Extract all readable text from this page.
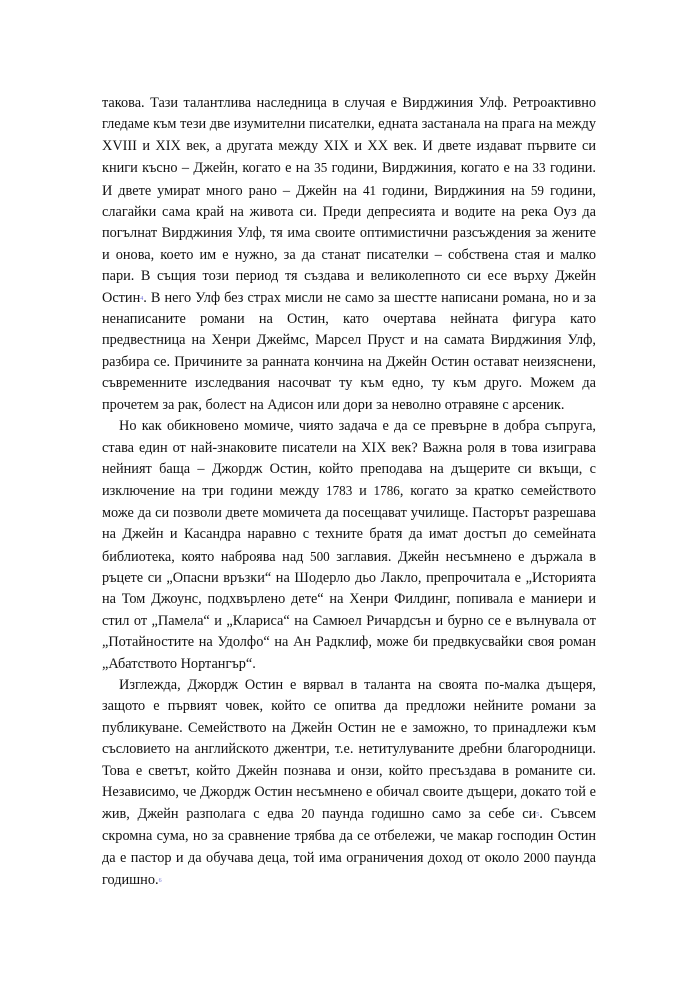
такова. Тази талантлива наследница в случая е Вирджиния Улф. Ретроактивно гледаме към тези две изумителни писателки, едната застанала на прага на между XVIII и XIX век, а другата между XIX и XX век. И двете издават първите си книги късно – Джейн, когато е на 35 години, Вирджиния, когато е на 33 години. И двете умират много рано – Джейн на 41 години, Вирджиния на 59 години, слагайки сама край на живота си. Преди депресията и водите на река Оуз да погълнат Вирджиния Улф, тя има своите оптимистични разсъждения за жените и онова, което им е нужно, за да станат писателки – собствена стая и малко пари. В същия този период тя създава и великолепното си есе върху Джейн Остин$^4$. В него Улф без страх мисли не само за шестте написани романа, но и за ненаписаните романи на Остин, като очертава нейната фигура като предвестница на Хенри Джеймс, Марсел Пруст и на самата Вирджиния Улф, разбира се. Причините за ранната кончина на Джейн Остин остават неизяснени, съвременните изследвания насочват ту към едно, ту към друго. Можем да прочетем за рак, болест на Адисон или дори за неволно отравяне с арсеник.

Но как обикновено момиче, чиято задача е да се превърне в добра съпруга, става един от най-знаковите писатели на XIX век? Важна роля в това изиграва нейният баща – Джордж Остин, който преподава на дъщерите си вкъщи, с изключение на три години между 1783 и 1786, когато за кратко семейството може да си позволи двете момичета да посещават училище. Пасторът разрешава на Джейн и Касандра наравно с техните братя да имат достъп до семейната библиотека, която наброява над 500 заглавия. Джейн несъмнено е държала в ръцете си „Опасни връзки“ на Шодерло дьо Лакло, препрочитала е „Историята на Том Джоунс, подхвърлено дете“ на Хенри Филдинг, попивала е маниери и стил от „Памела“ и „Клариса“ на Самюел Ричардсън и бурно се е вълнувала от „Потайностите на Удолфо“ на Ан Радклиф, може би предвкусвайки своя роман „Абатството Нортангър“.

Изглежда, Джордж Остин е вярвал в таланта на своята по-малка дъщеря, защото е първият човек, който се опитва да предложи нейните романи за публикуване. Семейството на Джейн Остин не е заможно, то принадлежи към съсловието на английското джентри, т.е. нетитулуваните дребни благородници. Това е светът, който Джейн познава и онзи, който пресъздава в романите си. Независимо, че Джордж Остин несъмнено е обичал своите дъщери, докато той е жив, Джейн разполага с едва 20 паунда годишно само за себе си$^5$. Съвсем скромна сума, но за сравнение трябва да се отбележи, че макар господин Остин да е пастор и да обучава деца, той има ограничения доход от около 2000 паунда годишно.$^6$
